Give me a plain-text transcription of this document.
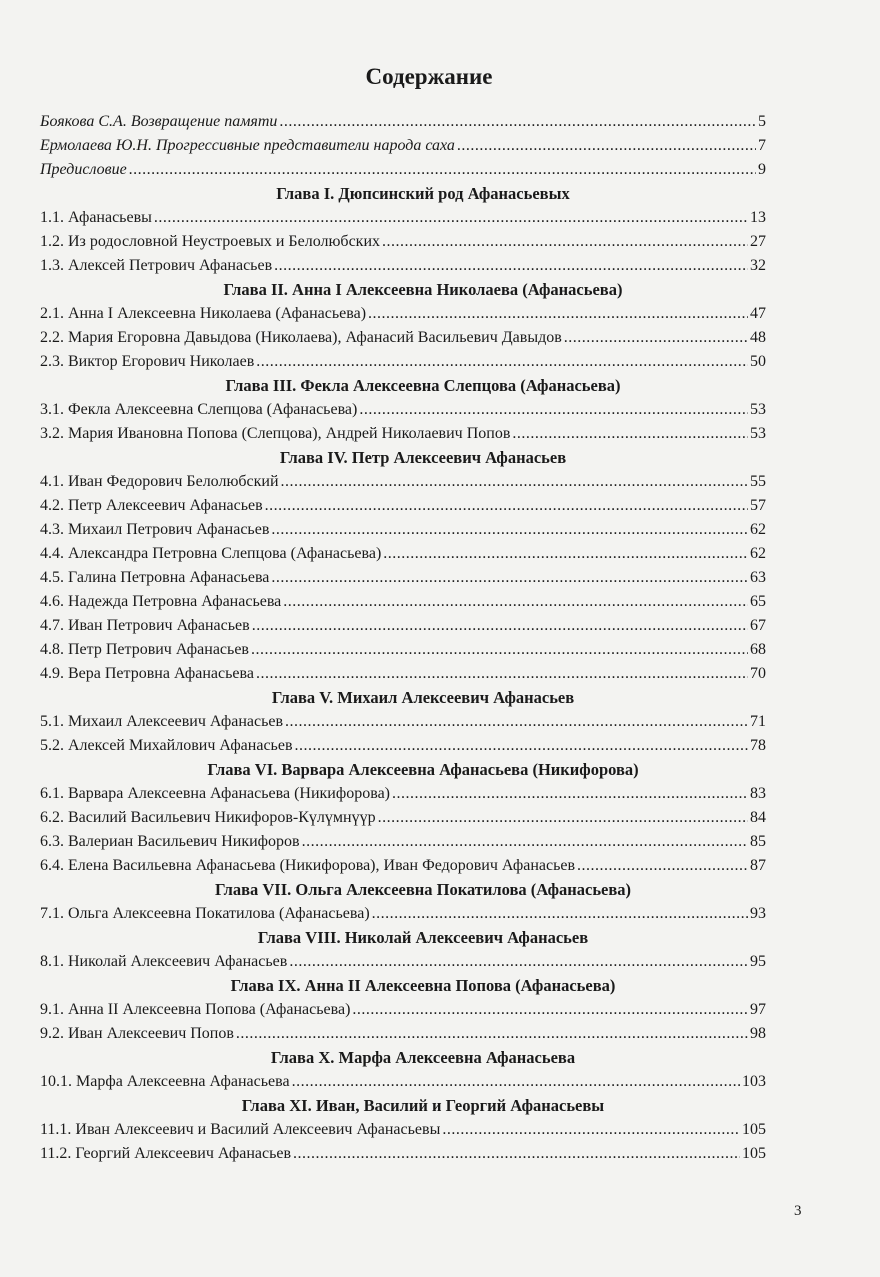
Содержание
Боякова С.А. Возвращение памяти .....	5
Ермолаева Ю.Н. Прогрессивные представители народа саха .....	7
Предисловие .....	9
Глава I. Дюпсинский род Афанасьевых
1.1. Афанасьевы .....	13
1.2. Из родословной Неустроевых и Белолюбских .....	27
1.3. Алексей Петрович Афанасьев .....	32
Глава II. Анна I Алексеевна Николаева (Афанасьева)
2.1. Анна I Алексеевна Николаева (Афанасьева) .....	47
2.2. Мария Егоровна Давыдова (Николаева), Афанасий Васильевич Давыдов .....	48
2.3. Виктор Егорович Николаев .....	50
Глава III. Фекла Алексеевна Слепцова (Афанасьева)
3.1. Фекла Алексеевна Слепцова (Афанасьева) .....	53
3.2. Мария Ивановна Попова (Слепцова), Андрей Николаевич Попов .....	53
Глава IV. Петр Алексеевич Афанасьев
4.1. Иван Федорович Белолюбский .....	55
4.2. Петр Алексеевич Афанасьев .....	57
4.3. Михаил Петрович Афанасьев .....	62
4.4. Александра Петровна Слепцова (Афанасьева) .....	62
4.5. Галина Петровна Афанасьева .....	63
4.6. Надежда Петровна Афанасьева .....	65
4.7. Иван Петрович Афанасьев .....	67
4.8. Петр Петрович Афанасьев .....	68
4.9. Вера Петровна Афанасьева .....	70
Глава V. Михаил Алексеевич Афанасьев
5.1. Михаил Алексеевич Афанасьев .....	71
5.2. Алексей Михайлович Афанасьев .....	78
Глава VI. Варвара Алексеевна Афанасьева (Никифорова)
6.1. Варвара Алексеевна Афанасьева (Никифорова) .....	83
6.2. Василий Васильевич Никифоров-Күлүмнүүр .....	84
6.3. Валериан Васильевич Никифоров .....	85
6.4. Елена Васильевна Афанасьева (Никифорова), Иван Федорович Афанасьев .....	87
Глава VII. Ольга Алексеевна Покатилова (Афанасьева)
7.1. Ольга Алексеевна Покатилова (Афанасьева) .....	93
Глава VIII. Николай Алексеевич Афанасьев
8.1. Николай Алексеевич Афанасьев .....	95
Глава IX. Анна II Алексеевна Попова (Афанасьева)
9.1. Анна II Алексеевна Попова (Афанасьева) .....	97
9.2. Иван Алексеевич Попов .....	98
Глава X. Марфа Алексеевна Афанасьева
10.1. Марфа Алексеевна Афанасьева .....	103
Глава XI. Иван, Василий и Георгий Афанасьевы
11.1. Иван Алексеевич и Василий Алексеевич Афанасьевы .....	105
11.2. Георгий Алексеевич Афанасьев .....	105
3
